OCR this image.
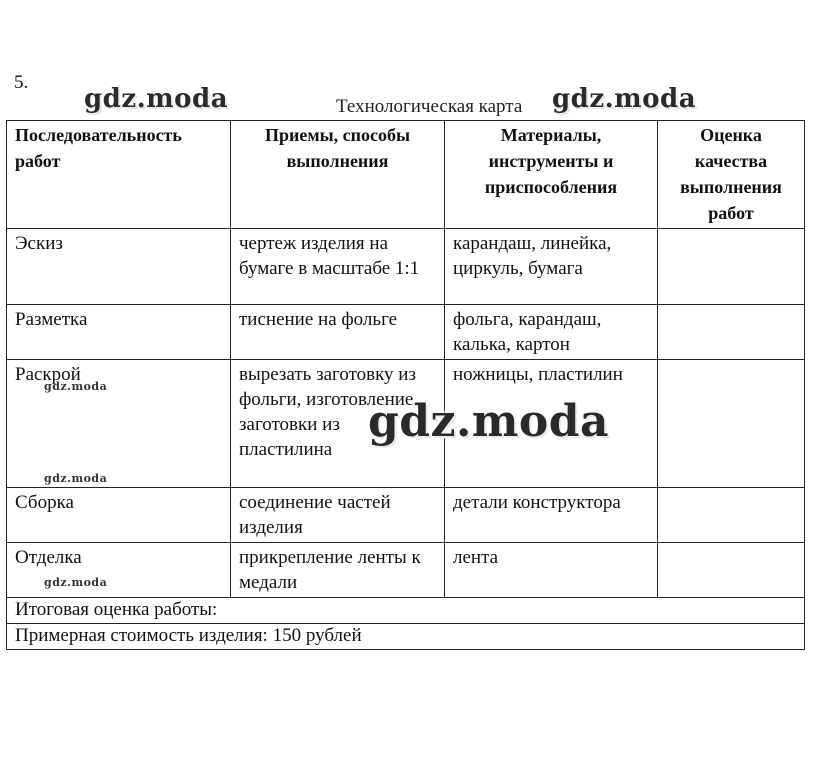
5.
Технологическая карта
Последовательность работ	Приемы, способы выполнения	Материалы, инструменты и приспособления	Оценка качества выполнения работ
Эскиз	чертеж изделия на бумаге в масштабе 1:1	карандаш, линейка, циркуль, бумага	
Разметка	тиснение на фольге	фольга, карандаш, калька, картон	
Раскрой	вырезать заготовку из фольги, изготовление заготовки из пластилина	ножницы, пластилин	
Сборка	соединение частей изделия	детали конструктора	
Отделка	прикрепление ленты к медали	лента	
Итоговая оценка работы:			
Примерная стоимость изделия: 150 рублей			
gdz.moda	gdz.moda
gdz.moda
gdz.moda
gdz.moda
gdz.moda
